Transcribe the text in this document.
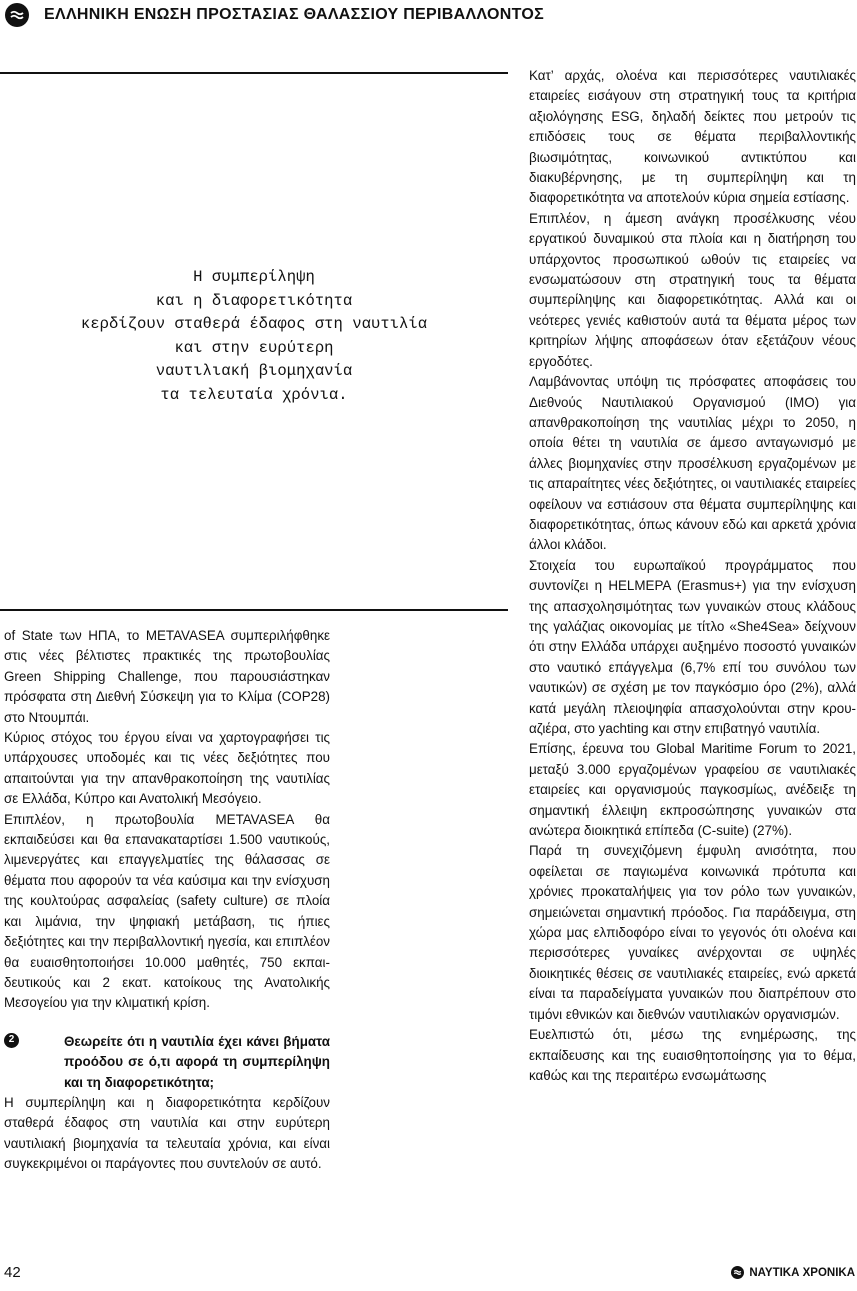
ΕΛΛΗΝΙΚΗ ΕΝΩΣΗ ΠΡΟΣΤΑΣΙΑΣ ΘΑΛΑΣΣΙΟΥ ΠΕΡΙΒΑΛΛΟΝΤΟΣ
Η συμπερίληψη
και η διαφορετικότητα
κερδίζουν σταθερά έδαφος στη ναυτιλία
και στην ευρύτερη
ναυτιλιακή βιομηχανία
τα τελευταία χρόνια.

of State των ΗΠΑ, το METAVASEA συμπεριλήφθηκε στις νέες βέλτιστες πρακτικές της πρωτοβουλίας Green Shipping Challenge, που παρουσιάστηκαν πρόσφατα στη Διεθνή Σύσκεψη για το Κλίμα (COP28) στο Ντουμπάι.

Κύριος στόχος του έργου είναι να χαρτογραφήσει τις υπάρχουσες υποδομές και τις νέες δεξιότητες που απαιτούνται για την απανθρακοποίηση της ναυτιλίας σε Ελλάδα, Κύπρο και Ανατολική Μεσόγειο.

Επιπλέον, η πρωτοβουλία METAVASEA θα εκπαιδεύσει και θα επανακαταρτίσει 1.500 ναυτικούς, λιμενεργάτες και επαγγελματίες της θάλασσας σε θέματα που αφορούν τα νέα καύσιμα και την ενίσχυση της κουλτούρας ασφαλείας (safety culture) σε πλοία και λιμάνια, την ψηφιακή μετάβαση, τις ήπιες δεξιότητες και την περιβαλλοντική ηγεσία, και επιπλέον θα ευαισθητοποιήσει 10.000 μαθητές, 750 εκπαιδευτικούς και 2 εκατ. κατοίκους της Ανατολικής Μεσογείου για την κλιματική κρίση.

2	Θεωρείτε ότι η ναυτιλία έχει κάνει βήματα προόδου σε ό,τι αφορά τη συμπερίληψη και τη διαφορετικότητα;

Η συμπερίληψη και η διαφορετικότητα κερδίζουν σταθερά έδαφος στη ναυτιλία και στην ευρύτερη ναυτιλιακή βιομηχανία τα τελευταία χρόνια, και είναι συγκεκριμένοι οι παράγοντες που συντελούν σε αυτό.

Κατ’ αρχάς, ολοένα και περισσότερες ναυτιλιακές εταιρείες εισάγουν στη στρατηγική τους τα κριτήρια αξιολόγησης ESG, δηλαδή δείκτες που μετρούν τις επιδόσεις τους σε θέματα περιβαλλοντικής βιωσιμότητας, κοινωνικού αντικτύπου και διακυβέρνησης, με τη συμπερίληψη και τη διαφορετικότητα να αποτελούν κύρια σημεία εστίασης.

Επιπλέον, η άμεση ανάγκη προσέλκυσης νέου εργατικού δυναμικού στα πλοία και η διατήρηση του υπάρχοντος προσωπικού ωθούν τις εταιρείες να ενσωματώσουν στη στρατηγική τους τα θέματα συμπερίληψης και διαφορετικότητας. Αλλά και οι νεότερες γενιές καθιστούν αυτά τα θέματα μέρος των κριτηρίων λήψης αποφάσεων όταν εξετάζουν νέους εργοδότες.

Λαμβάνοντας υπόψη τις πρόσφατες αποφάσεις του Διεθνούς Ναυτιλιακού Οργανισμού (ΙΜΟ) για απανθρακοποίηση της ναυτιλίας μέχρι το 2050, η οποία θέτει τη ναυτιλία σε άμεσο ανταγωνισμό με άλλες βιομηχανίες στην προσέλκυση εργαζομένων με τις απαραίτητες νέες δεξιότητες, οι ναυτιλιακές εταιρείες οφείλουν να εστιάσουν στα θέματα συμπερίληψης και διαφορετικότητας, όπως κάνουν εδώ και αρκετά χρόνια άλλοι κλάδοι.

Στοιχεία του ευρωπαϊκού προγράμματος που συντονίζει η HELMEPA (Erasmus+) για την ενίσχυση της απασχολησιμότητας των γυναικών στους κλάδους της γαλάζιας οικονομίας με τίτλο «She4Sea» δείχνουν ότι στην Ελλάδα υπάρχει αυξημένο ποσοστό γυναικών στο ναυτικό επάγγελμα (6,7% επί του συνόλου των ναυτικών) σε σχέση με τον παγκόσμιο όρο (2%), αλλά κατά μεγάλη πλειοψηφία απασχολούνται στην κρουαζιέρα, στο yachting και στην επιβατηγό ναυτιλία.

Επίσης, έρευνα του Global Maritime Forum το 2021, μεταξύ 3.000 εργαζομένων γραφείου σε ναυτιλιακές εταιρείες και οργανισμούς παγκοσμίως, ανέδειξε τη σημαντική έλλειψη εκπροσώπησης γυναικών στα ανώτερα διοικητικά επίπεδα (C-suite) (27%).

Παρά τη συνεχιζόμενη έμφυλη ανισότητα, που οφείλεται σε παγιωμένα κοινωνικά πρότυπα και χρόνιες προκαταλήψεις για τον ρόλο των γυναικών, σημειώνεται σημαντική πρόοδος. Για παράδειγμα, στη χώρα μας ελπιδοφόρο είναι το γεγονός ότι ολοένα και περισσότερες γυναίκες ανέρχονται σε υψηλές διοικητικές θέσεις σε ναυτιλιακές εταιρείες, ενώ αρκετά είναι τα παραδείγματα γυναικών που διαπρέπουν στο τιμόνι εθνικών και διεθνών ναυτιλιακών οργανισμών.

Ευελπιστώ ότι, μέσω της ενημέρωσης, της εκπαίδευσης και της ευαισθητοποίησης για το θέμα, καθώς και της περαιτέρω ενσωμάτωσης

42	ΝΑΥΤΙΚΑ ΧΡΟΝΙΚΑ
